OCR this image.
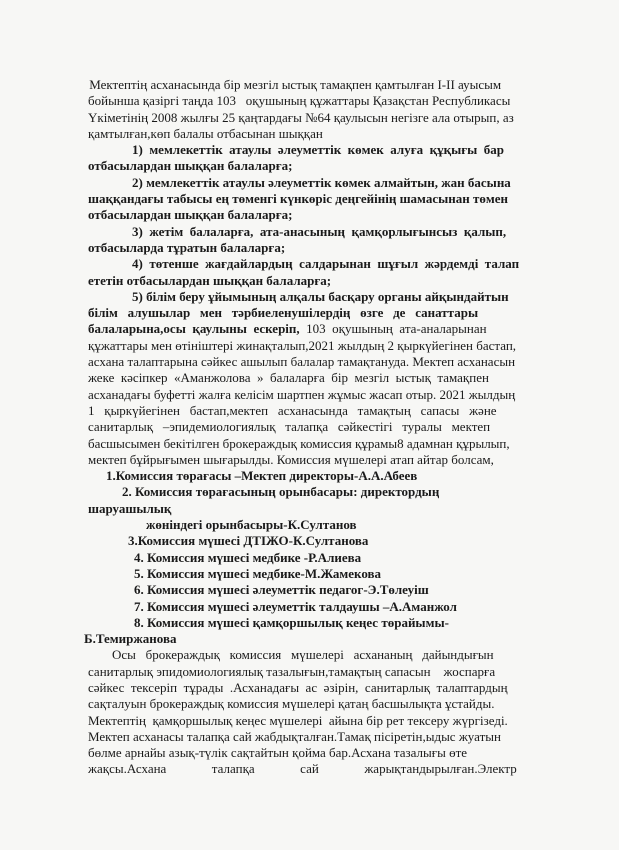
Мектептің асханасында бір мезгіл ыстық тамақпен қамтылған I-II ауысым

бойынша қазіргі таңда 103   оқушының құжаттары Қазақстан Республикасы

Үкіметінің 2008 жылғы 25 қаңтардағы №64 қаулысын негізге ала отырып, аз

қамтылған,көп балалы отбасынан шыққан

1)  мемлекеттік  атаулы  әлеуметтік  көмек  алуға  құқығы  бар

отбасылардан шыққан балаларға;

2) мемлекеттік атаулы әлеуметтік көмек алмайтын, жан басына

шаққандағы табысы ең төменгі күнкөріс деңгейінің шамасынан төмен

отбасылардан шыққан балаларға;

3)  жетім  балаларға,  ата-анасының  қамқорлығынсыз  қалып,

отбасыларда тұратын балаларға;

4)  төтенше  жағдайлардың  салдарынан  шұғыл  жәрдемді  талап

ететін отбасылардан шыққан балаларға;

5) білім беру ұйымының алқалы басқару органы айқындайтын

білім   алушылар   мен   тәрбиеленушілердің   өзге   де   санаттары

балаларына,осы  қаулыны  ескеріп,  103  оқушының  ата-аналарынан

құжаттары мен өтініштері жинақталып,2021 жылдың 2 қыркүйегінен бастап,

асхана талаптарына сәйкес ашылып балалар тамақтануда. Мектеп асханасын

жеке  кәсіпкер  «Аманжолова  »  балаларға  бір  мезгіл  ыстық  тамақпен

асханадағы буфетті жалға келісім шартпен жұмыс жасап отыр. 2021 жылдың

1   қыркүйегінен   бастап,мектеп   асханасында   тамақтың   сапасы   және

санитарлық   –эпидемиологиялық   талапқа   сәйкестігі   туралы   мектеп

басшысымен бекітілген брокераждық комиссия құрамы8 адамнан құрылып,

мектеп бұйрығымен шығарылды. Комиссия мүшелері атап айтар болсам,

1.Комиссия төрағасы –Мектеп директоры-А.А.Абеев

2. Комиссия төрағасының орынбасары: директордың

шаруашылық

жөніндегі орынбасыры-К.Султанов

3.Комиссия мүшесі ДТІЖО-К.Султанова

4. Комиссия мүшесі медбике -Р.Алиева

5. Комиссия мүшесі медбике-М.Жамекова

6. Комиссия мүшесі әлеуметтік педагог-Э.Төлеуіш

7. Комиссия мүшесі әлеуметтік талдаушы –А.Аманжол

8. Комиссия мүшесі қамқоршылық кеңес төрайымы-

Б.Темиржанова

Осы   брокераждық   комиссия   мүшелері   асхананың   дайындығын

санитарлық эпидомиологиялық тазалығын,тамақтың сапасын    жоспарға

сәйкес  тексеріп  тұрады  .Асханадағы  ас  әзірін,  санитарлық  талаптардың

сақталуын брокераждық комиссия мүшелері қатаң басшылықта ұстайды.

Мектептің  қамқоршылық кеңес мүшелері  айына бір рет тексеру жүргізеді.

Мектеп асханасы талапқа сай жабдықталған.Тамақ пісіретін,ыдыс жуатын

бөлме арнайы азық-түлік сақтайтын қойма бар.Асхана тазалығы өте

жақсы.Асхана              талапқа              сай              жарықтандырылған.Электр
